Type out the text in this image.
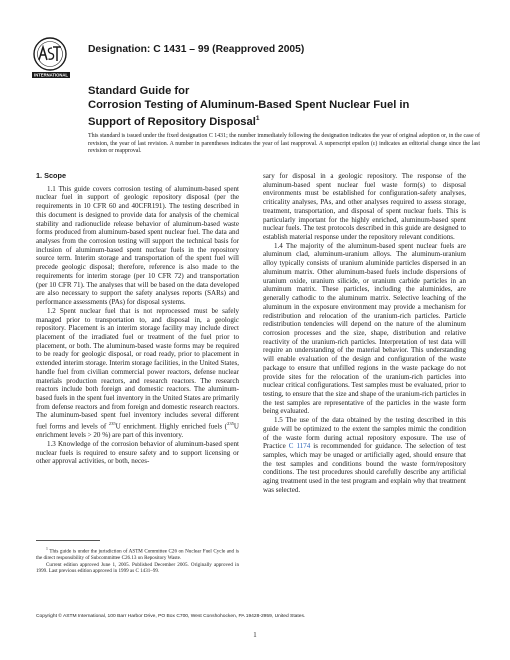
INTERNATIONAL
Designation: C 1431 – 99 (Reapproved 2005)
Standard Guide for
Corrosion Testing of Aluminum-Based Spent Nuclear Fuel in
Support of Repository Disposal$^1$
This standard is issued under the fixed designation C 1431; the number immediately following the designation indicates the year of original adoption or, in the case of revision, the year of last revision. A number in parentheses indicates the year of last reapproval. A superscript epsilon (ε) indicates an editorial change since the last revision or reapproval.

1. Scope

1.1 This guide covers corrosion testing of aluminum-based spent nuclear fuel in support of geologic repository disposal (per the requirements in 10 CFR 60 and 40CFR191). The testing described in this document is designed to provide data for analysis of the chemical stability and radionuclide release behavior of aluminum-based waste forms produced from aluminum-based spent nuclear fuel. The data and analyses from the corrosion testing will support the technical basis for inclusion of aluminum-based spent nuclear fuels in the repository source term. Interim storage and transportation of the spent fuel will precede geologic disposal; therefore, reference is also made to the requirements for interim storage (per 10 CFR 72) and transportation (per 10 CFR 71). The analyses that will be based on the data developed are also necessary to support the safety analyses reports (SARs) and performance assessments (PAs) for disposal systems.

1.2 Spent nuclear fuel that is not reprocessed must be safely managed prior to transportation to, and disposal in, a geologic repository. Placement is an interim storage facility may include direct placement of the irradiated fuel or treatment of the fuel prior to placement, or both. The aluminum-based waste forms may be required to be ready for geologic disposal, or road ready, prior to placement in extended interim storage. Interim storage facilities, in the United States, handle fuel from civilian commercial power reactors, defense nuclear materials production reactors, and research reactors. The research reactors include both foreign and domestic reactors. The aluminum-based fuels in the spent fuel inventory in the United States are primarily from defense reactors and from foreign and domestic research reactors. The aluminum-based spent fuel inventory includes several different fuel forms and levels of $^{235}$U enrichment. Highly enriched fuels ($^{235}$U enrichment levels > 20 %) are part of this inventory.

1.3 Knowledge of the corrosion behavior of aluminum-based spent nuclear fuels is required to ensure safety and to support licensing or other approval activities, or both, neces-

sary for disposal in a geologic repository. The response of the aluminum-based spent nuclear fuel waste form(s) to disposal environments must be established for configuration-safety analyses, criticality analyses, PAs, and other analyses required to assess storage, treatment, transportation, and disposal of spent nuclear fuels. This is particularly important for the highly enriched, aluminum-based spent nuclear fuels. The test protocols described in this guide are designed to establish material response under the repository relevant conditions.

1.4 The majority of the aluminum-based spent nuclear fuels are aluminum clad, aluminum-uranium alloys. The aluminum-uranium alloy typically consists of uranium aluminide particles dispersed in an aluminum matrix. Other aluminum-based fuels include dispersions of uranium oxide, uranium silicide, or uranium carbide particles in an aluminum matrix. These particles, including the aluminides, are generally cathodic to the aluminum matrix. Selective leaching of the aluminum in the exposure environment may provide a mechanism for redistribution and relocation of the uranium-rich particles. Particle redistribution tendencies will depend on the nature of the aluminum corrosion processes and the size, shape, distribution and relative reactivity of the uranium-rich particles. Interpretation of test data will require an understanding of the material behavior. This understanding will enable evaluation of the design and configuration of the waste package to ensure that unfilled regions in the waste package do not provide sites for the relocation of the uranium-rich particles into nuclear critical configurations. Test samples must be evaluated, prior to testing, to ensure that the size and shape of the uranium-rich particles in the test samples are representative of the particles in the waste form being evaluated.

1.5 The use of the data obtained by the testing described in this guide will be optimized to the extent the samples mimic the condition of the waste form during actual repository exposure. The use of Practice C 1174 is recommended for guidance. The selection of test samples, which may be unaged or artificially aged, should ensure that the test samples and conditions bound the waste form/repository conditions. The test procedures should carefully describe any artificial aging treatment used in the test program and explain why that treatment was selected.

$^1$ This guide is under the jurisdiction of ASTM Committee C26 on Nuclear Fuel Cycle and is the direct responsibility of Subcommittee C26.13 on Repository Waste.

Current edition approved June 1, 2005. Published December 2005. Originally approved in 1999. Last previous edition approved in 1999 as C 1431–99.

Copyright © ASTM International, 100 Barr Harbor Drive, PO Box C700, West Conshohocken, PA 19428-2959, United States.
1
